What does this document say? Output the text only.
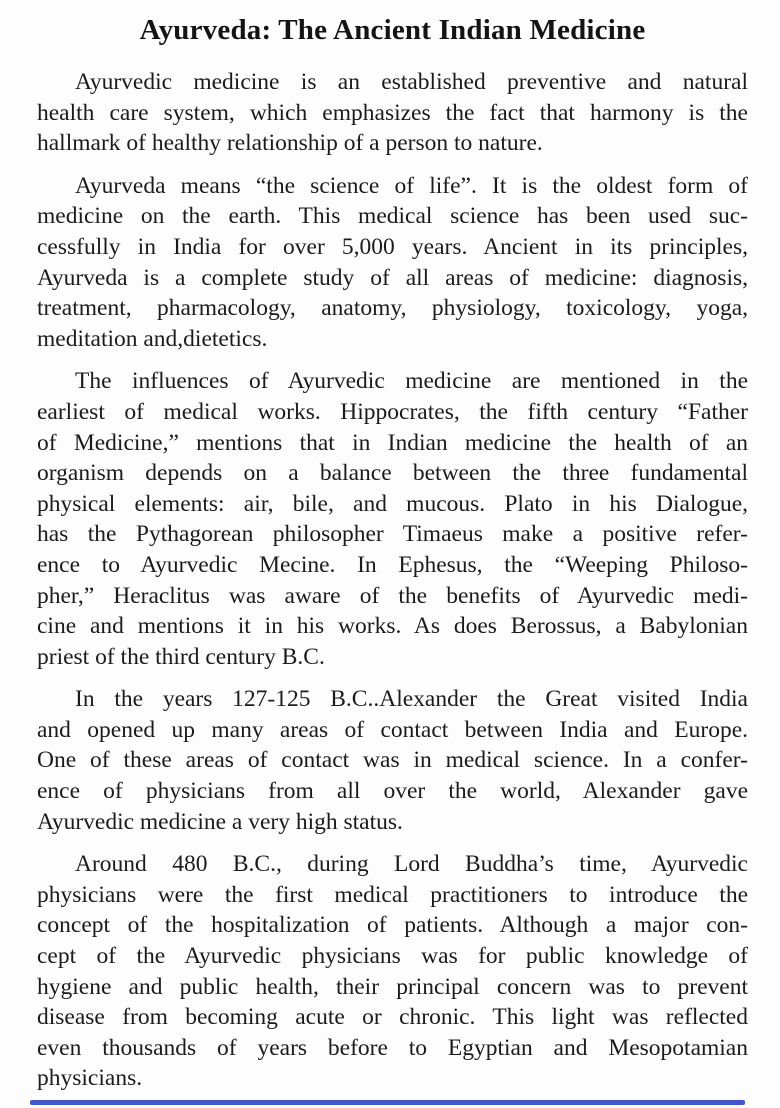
Ayurveda: The Ancient Indian Medicine
Ayurvedic medicine is an established preventive and natural
health care system, which emphasizes the fact that harmony is the
hallmark of healthy relationship of a person to nature.
Ayurveda means “the science of life”. It is the oldest form of
medicine on the earth. This medical science has been used suc-
cessfully in India for over 5,000 years. Ancient in its principles,
Ayurveda is a complete study of all areas of medicine: diagnosis,
treatment, pharmacology, anatomy, physiology, toxicology, yoga,
meditation and,dietetics.
The influences of Ayurvedic medicine are mentioned in the
earliest of medical works. Hippocrates, the fifth century “Father
of Medicine,” mentions that in Indian medicine the health of an
organism depends on a balance between the three fundamental
physical elements: air, bile, and mucous. Plato in his Dialogue,
has the Pythagorean philosopher Timaeus make a positive refer-
ence to Ayurvedic Mecine. In Ephesus, the “Weeping Philoso-
pher,” Heraclitus was aware of the benefits of Ayurvedic medi-
cine and mentions it in his works. As does Berossus, a Babylonian
priest of the third century B.C.
In the years 127-125 B.C..Alexander the Great visited India
and opened up many areas of contact between India and Europe.
One of these areas of contact was in medical science. In a confer-
ence of physicians from all over the world, Alexander gave
Ayurvedic medicine a very high status.
Around 480 B.C., during Lord Buddha’s time, Ayurvedic
physicians were the first medical practitioners to introduce the
concept of the hospitalization of patients. Although a major con-
cept of the Ayurvedic physicians was for public knowledge of
hygiene and public health, their principal concern was to prevent
disease from becoming acute or chronic. This light was reflected
even thousands of years before to Egyptian and Mesopotamian
physicians.
